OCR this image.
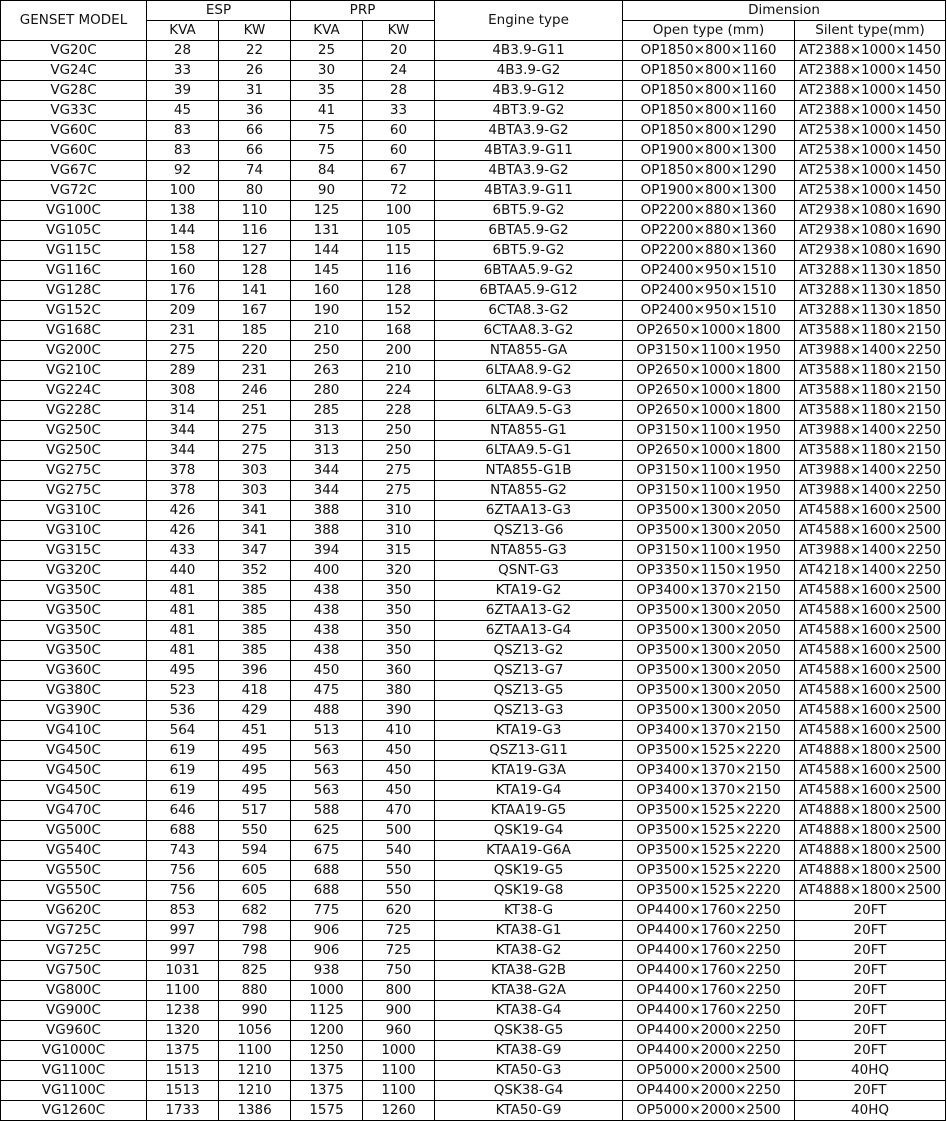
GENSET MODEL	ESP		PRP		Engine type	Dimension	
	KVA	KW	KVA	KW		Open type (mm)	Silent type(mm)
VG20C	28	22	25	20	4B3.9-G11	OP1850×800×1160	AT2388×1000×1450
VG24C	33	26	30	24	4B3.9-G2	OP1850×800×1160	AT2388×1000×1450
VG28C	39	31	35	28	4B3.9-G12	OP1850×800×1160	AT2388×1000×1450
VG33C	45	36	41	33	4BT3.9-G2	OP1850×800×1160	AT2388×1000×1450
VG60C	83	66	75	60	4BTA3.9-G2	OP1850×800×1290	AT2538×1000×1450
VG60C	83	66	75	60	4BTA3.9-G11	OP1900×800×1300	AT2538×1000×1450
VG67C	92	74	84	67	4BTA3.9-G2	OP1850×800×1290	AT2538×1000×1450
VG72C	100	80	90	72	4BTA3.9-G11	OP1900×800×1300	AT2538×1000×1450
VG100C	138	110	125	100	6BT5.9-G2	OP2200×880×1360	AT2938×1080×1690
VG105C	144	116	131	105	6BTA5.9-G2	OP2200×880×1360	AT2938×1080×1690
VG115C	158	127	144	115	6BT5.9-G2	OP2200×880×1360	AT2938×1080×1690
VG116C	160	128	145	116	6BTAA5.9-G2	OP2400×950×1510	AT3288×1130×1850
VG128C	176	141	160	128	6BTAA5.9-G12	OP2400×950×1510	AT3288×1130×1850
VG152C	209	167	190	152	6CTA8.3-G2	OP2400×950×1510	AT3288×1130×1850
VG168C	231	185	210	168	6CTAA8.3-G2	OP2650×1000×1800	AT3588×1180×2150
VG200C	275	220	250	200	NTA855-GA	OP3150×1100×1950	AT3988×1400×2250
VG210C	289	231	263	210	6LTAA8.9-G2	OP2650×1000×1800	AT3588×1180×2150
VG224C	308	246	280	224	6LTAA8.9-G3	OP2650×1000×1800	AT3588×1180×2150
VG228C	314	251	285	228	6LTAA9.5-G3	OP2650×1000×1800	AT3588×1180×2150
VG250C	344	275	313	250	NTA855-G1	OP3150×1100×1950	AT3988×1400×2250
VG250C	344	275	313	250	6LTAA9.5-G1	OP2650×1000×1800	AT3588×1180×2150
VG275C	378	303	344	275	NTA855-G1B	OP3150×1100×1950	AT3988×1400×2250
VG275C	378	303	344	275	NTA855-G2	OP3150×1100×1950	AT3988×1400×2250
VG310C	426	341	388	310	6ZTAA13-G3	OP3500×1300×2050	AT4588×1600×2500
VG310C	426	341	388	310	QSZ13-G6	OP3500×1300×2050	AT4588×1600×2500
VG315C	433	347	394	315	NTA855-G3	OP3150×1100×1950	AT3988×1400×2250
VG320C	440	352	400	320	QSNT-G3	OP3350×1150×1950	AT4218×1400×2250
VG350C	481	385	438	350	KTA19-G2	OP3400×1370×2150	AT4588×1600×2500
VG350C	481	385	438	350	6ZTAA13-G2	OP3500×1300×2050	AT4588×1600×2500
VG350C	481	385	438	350	6ZTAA13-G4	OP3500×1300×2050	AT4588×1600×2500
VG350C	481	385	438	350	QSZ13-G2	OP3500×1300×2050	AT4588×1600×2500
VG360C	495	396	450	360	QSZ13-G7	OP3500×1300×2050	AT4588×1600×2500
VG380C	523	418	475	380	QSZ13-G5	OP3500×1300×2050	AT4588×1600×2500
VG390C	536	429	488	390	QSZ13-G3	OP3500×1300×2050	AT4588×1600×2500
VG410C	564	451	513	410	KTA19-G3	OP3400×1370×2150	AT4588×1600×2500
VG450C	619	495	563	450	QSZ13-G11	OP3500×1525×2220	AT4888×1800×2500
VG450C	619	495	563	450	KTA19-G3A	OP3400×1370×2150	AT4588×1600×2500
VG450C	619	495	563	450	KTA19-G4	OP3400×1370×2150	AT4588×1600×2500
VG470C	646	517	588	470	KTAA19-G5	OP3500×1525×2220	AT4888×1800×2500
VG500C	688	550	625	500	QSK19-G4	OP3500×1525×2220	AT4888×1800×2500
VG540C	743	594	675	540	KTAA19-G6A	OP3500×1525×2220	AT4888×1800×2500
VG550C	756	605	688	550	QSK19-G5	OP3500×1525×2220	AT4888×1800×2500
VG550C	756	605	688	550	QSK19-G8	OP3500×1525×2220	AT4888×1800×2500
VG620C	853	682	775	620	KT38-G	OP4400×1760×2250	20FT
VG725C	997	798	906	725	KTA38-G1	OP4400×1760×2250	20FT
VG725C	997	798	906	725	KTA38-G2	OP4400×1760×2250	20FT
VG750C	1031	825	938	750	KTA38-G2B	OP4400×1760×2250	20FT
VG800C	1100	880	1000	800	KTA38-G2A	OP4400×1760×2250	20FT
VG900C	1238	990	1125	900	KTA38-G4	OP4400×1760×2250	20FT
VG960C	1320	1056	1200	960	QSK38-G5	OP4400×2000×2250	20FT
VG1000C	1375	1100	1250	1000	KTA38-G9	OP4400×2000×2250	20FT
VG1100C	1513	1210	1375	1100	KTA50-G3	OP5000×2000×2500	40HQ
VG1100C	1513	1210	1375	1100	QSK38-G4	OP4400×2000×2250	20FT
VG1260C	1733	1386	1575	1260	KTA50-G9	OP5000×2000×2500	40HQ
